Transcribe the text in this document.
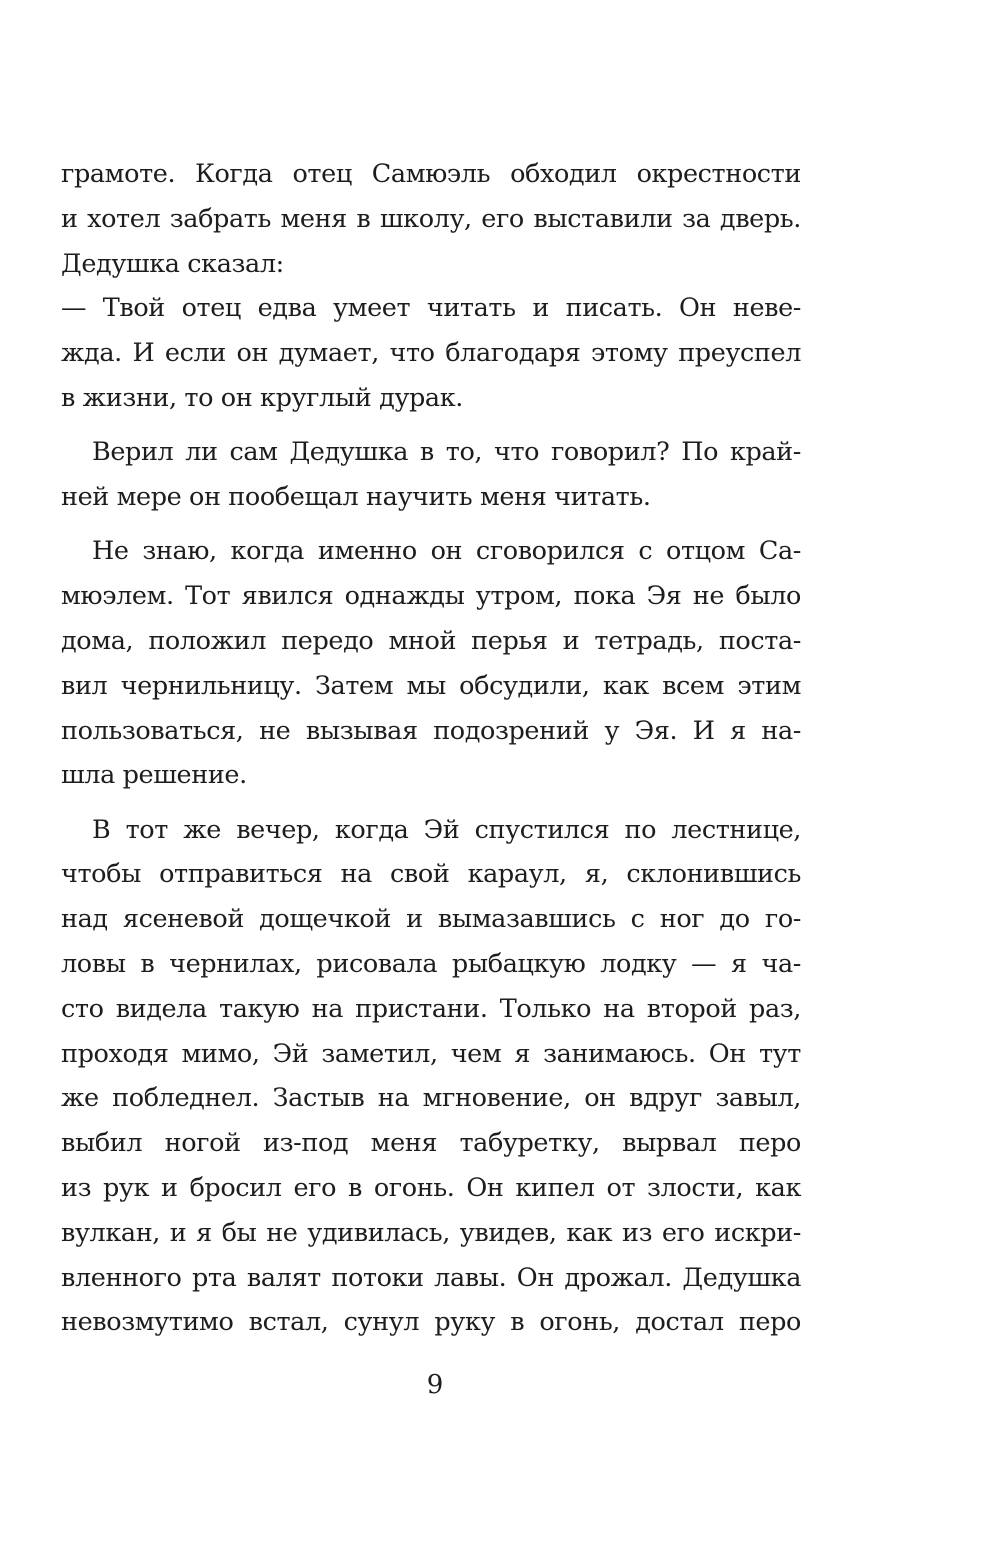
грамоте. Когда отец Самюэль обходил окрестности
и хотел забрать меня в школу, его выставили за дверь.
Дедушка сказал:
— Твой отец едва умеет читать и писать. Он неве-
жда. И если он думает, что благодаря этому преуспел
в жизни, то он круглый дурак.
Верил ли сам Дедушка в то, что говорил? По край-
ней мере он пообещал научить меня читать.
Не знаю, когда именно он сговорился с отцом Са-
мюэлем. Тот явился однажды утром, пока Эя не было
дома, положил передо мной перья и тетрадь, поста-
вил чернильницу. Затем мы обсудили, как всем этим
пользоваться, не вызывая подозрений у Эя. И я на-
шла решение.
В тот же вечер, когда Эй спустился по лестнице,
чтобы отправиться на свой караул, я, склонившись
над ясеневой дощечкой и вымазавшись с ног до го-
ловы в чернилах, рисовала рыбацкую лодку — я ча-
сто видела такую на пристани. Только на второй раз,
проходя мимо, Эй заметил, чем я занимаюсь. Он тут
же побледнел. Застыв на мгновение, он вдруг завыл,
выбил ногой из-под меня табуретку, вырвал перо
из рук и бросил его в огонь. Он кипел от злости, как
вулкан, и я бы не удивилась, увидев, как из его искри-
вленного рта валят потоки лавы. Он дрожал. Дедушка
невозмутимо встал, сунул руку в огонь, достал перо
9
